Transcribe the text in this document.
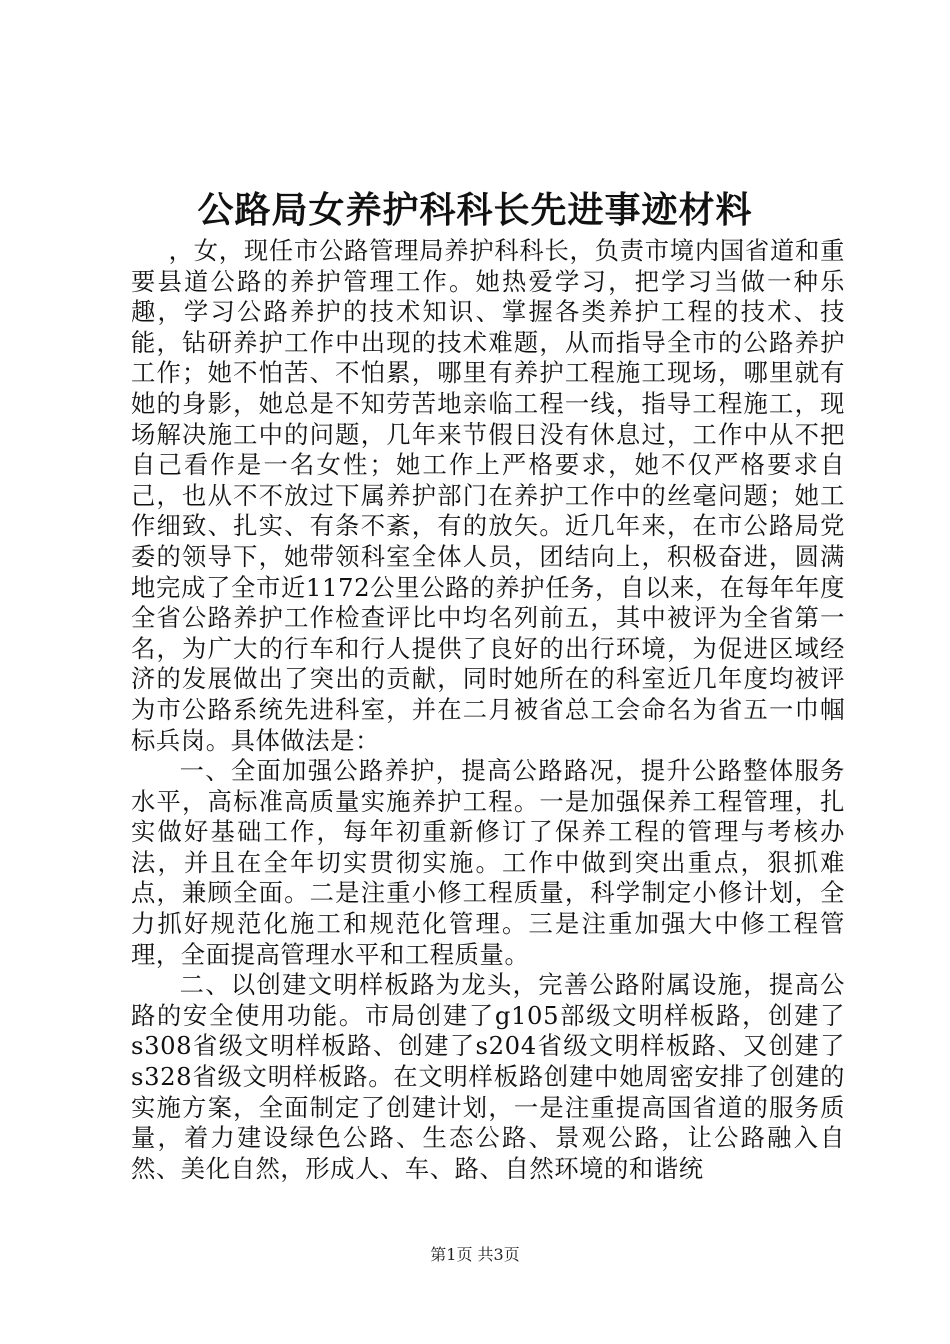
公路局女养护科科长先进事迹材料

，女，现任市公路管理局养护科科长，负责市境内国省道和重要县道公路的养护管理工作。她热爱学习，把学习当做一种乐趣，学习公路养护的技术知识、掌握各类养护工程的技术、技能，钻研养护工作中出现的技术难题，从而指导全市的公路养护工作；她不怕苦、不怕累，哪里有养护工程施工现场，哪里就有她的身影，她总是不知劳苦地亲临工程一线，指导工程施工，现场解决施工中的问题，几年来节假日没有休息过，工作中从不把自己看作是一名女性；她工作上严格要求，她不仅严格要求自己，也从不不放过下属养护部门在养护工作中的丝毫问题；她工作细致、扎实、有条不紊，有的放矢。近几年来，在市公路局党委的领导下，她带领科室全体人员，团结向上，积极奋进，圆满地完成了全市近1172公里公路的养护任务，自以来，在每年年度全省公路养护工作检查评比中均名列前五，其中被评为全省第一名，为广大的行车和行人提供了良好的出行环境，为促进区域经济的发展做出了突出的贡献，同时她所在的科室近几年度均被评为市公路系统先进科室，并在二月被省总工会命名为省五一巾帼标兵岗。具体做法是：

一、全面加强公路养护，提高公路路况，提升公路整体服务水平，高标准高质量实施养护工程。一是加强保养工程管理，扎实做好基础工作，每年初重新修订了保养工程的管理与考核办法，并且在全年切实贯彻实施。工作中做到突出重点，狠抓难点，兼顾全面。二是注重小修工程质量，科学制定小修计划，全力抓好规范化施工和规范化管理。三是注重加强大中修工程管理，全面提高管理水平和工程质量。

二、以创建文明样板路为龙头，完善公路附属设施，提高公路的安全使用功能。市局创建了g105部级文明样板路，创建了s308省级文明样板路、创建了s204省级文明样板路、又创建了s328省级文明样板路。在文明样板路创建中她周密安排了创建的实施方案，全面制定了创建计划，一是注重提高国省道的服务质量，着力建设绿色公路、生态公路、景观公路，让公路融入自然、美化自然，形成人、车、路、自然环境的和谐统

第1页 共3页
